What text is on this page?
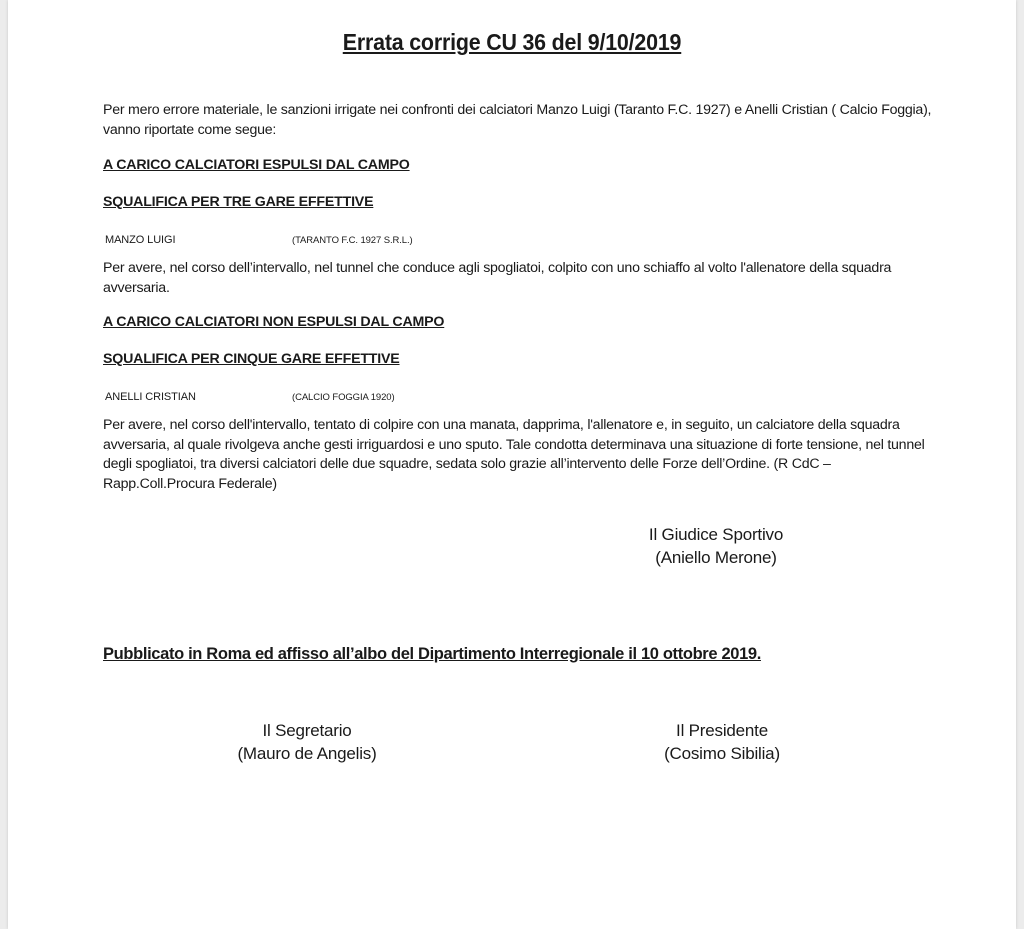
Errata corrige CU 36 del 9/10/2019
Per mero errore materiale, le sanzioni irrigate nei confronti dei calciatori Manzo Luigi (Taranto F.C. 1927) e Anelli Cristian ( Calcio Foggia), vanno riportate come segue:
A CARICO CALCIATORI ESPULSI DAL CAMPO
SQUALIFICA PER TRE GARE EFFETTIVE
MANZO LUIGI	(TARANTO F.C. 1927 S.R.L.)
Per avere, nel corso dell’intervallo, nel tunnel che conduce agli spogliatoi, colpito con uno schiaffo al volto l'allenatore della squadra avversaria.
A CARICO CALCIATORI NON ESPULSI DAL CAMPO
SQUALIFICA PER CINQUE GARE EFFETTIVE
ANELLI CRISTIAN	(CALCIO FOGGIA 1920)
Per avere, nel corso dell'intervallo, tentato di colpire con una manata, dapprima, l'allenatore e, in seguito, un calciatore della squadra avversaria, al quale rivolgeva anche gesti irriguardosi e uno sputo. Tale condotta determinava una situazione di forte tensione, nel tunnel degli spogliatoi, tra diversi calciatori delle due squadre, sedata solo grazie all’intervento delle Forze dell’Ordine. (R CdC – Rapp.Coll.Procura Federale)
Il Giudice Sportivo
(Aniello Merone)
Pubblicato in Roma ed affisso all’albo del Dipartimento Interregionale il 10 ottobre 2019.
Il Segretario
(Mauro de Angelis)
Il Presidente
(Cosimo Sibilia)
